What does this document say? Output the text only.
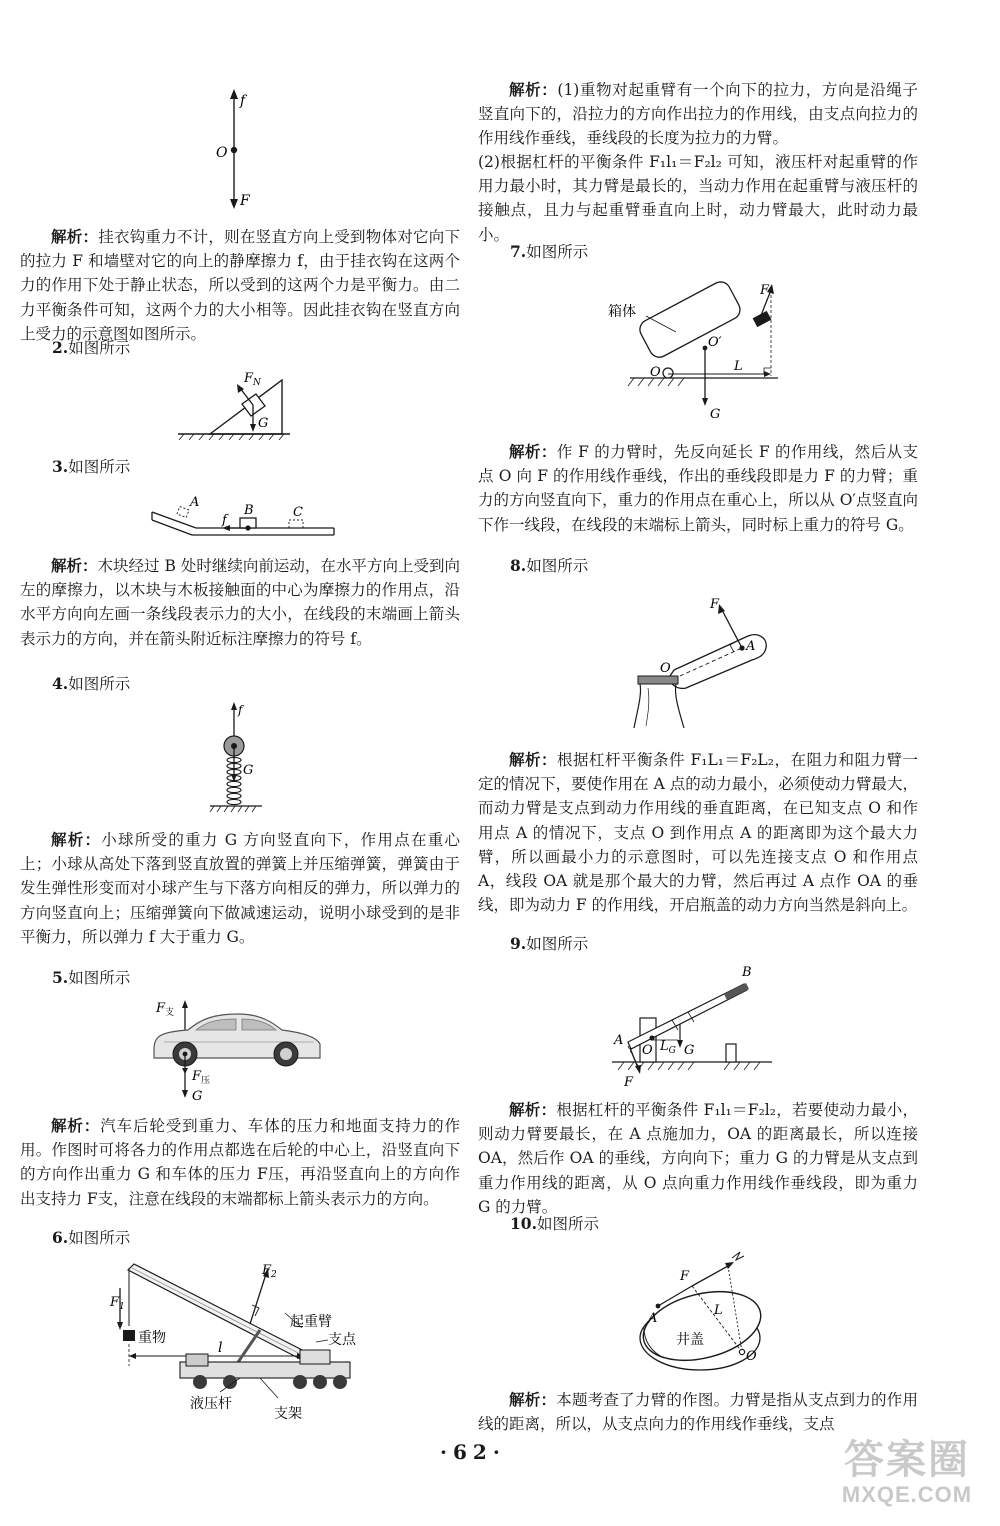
f
O
F

解析：挂衣钩重力不计，则在竖直方向上受到物体对它向下的拉力 F 和墙壁对它的向上的静摩擦力 f，由于挂衣钩在这两个力的作用下处于静止状态，所以受到的这两个力是平衡力。由二力平衡条件可知，这两个力的大小相等。因此挂衣钩在竖直方向上受力的示意图如图所示。

2.如图所示

$F_N$
G

3.如图所示

A
B	C
f

解析：木块经过 B 处时继续向前运动，在水平方向上受到向左的摩擦力，以木块与木板接触面的中心为摩擦力的作用点，沿水平方向向左画一条线段表示力的大小，在线段的末端画上箭头表示力的方向，并在箭头附近标注摩擦力的符号 f。

4.如图所示

f
G

解析：小球所受的重力 G 方向竖直向下，作用点在重心上；小球从高处下落到竖直放置的弹簧上并压缩弹簧，弹簧由于发生弹性形变而对小球产生与下落方向相反的弹力，所以弹力的方向竖直向上；压缩弹簧向下做减速运动，说明小球受到的是非平衡力，所以弹力 f 大于重力 G。

5.如图所示

$F_支$
$F_压$
G

解析：汽车后轮受到重力、车体的压力和地面支持力的作用。作图时可将各力的作用点都选在后轮的中心上，沿竖直向下的方向作出重力 G 和车体的压力 F压，再沿竖直向上的方向作出支持力 F支，注意在线段的末端都标上箭头表示力的方向。

6.如图所示

$F_1$
$F_2$
重物
l
起重臂
支点
液压杆
支架

解析：(1)重物对起重臂有一个向下的拉力，方向是沿绳子竖直向下的，沿拉力的方向作出拉力的作用线，由支点向拉力的作用线作垂线，垂线段的长度为拉力的力臂。

(2)根据杠杆的平衡条件 F₁l₁＝F₂l₂ 可知，液压杆对起重臂的作用力最小时，其力臂是最长的，当动力作用在起重臂与液压杆的接触点，且力与起重臂垂直向上时，动力臂最大，此时动力最小。

7.如图所示

箱体
F
O′
O	L
G

解析：作 F 的力臂时，先反向延长 F 的作用线，然后从支点 O 向 F 的作用线作垂线，作出的垂线段即是力 F 的力臂；重力的方向竖直向下，重力的作用点在重心上，所以从 O′点竖直向下作一线段，在线段的末端标上箭头，同时标上重力的符号 G。

8.如图所示

F
A
O

解析：根据杠杆平衡条件 F₁L₁＝F₂L₂，在阻力和阻力臂一定的情况下，要使作用在 A 点的动力最小，必须使动力臂最大，而动力臂是支点到动力作用线的垂直距离，在已知支点 O 和作用点 A 的情况下，支点 O 到作用点 A 的距离即为这个最大力臂，所以画最小力的示意图时，可以先连接支点 O 和作用点 A，线段 OA 就是那个最大的力臂，然后再过 A 点作 OA 的垂线，即为动力 F 的作用线，开启瓶盖的动力方向当然是斜向上。

9.如图所示

B
A
O $L_G$ G
F

解析：根据杠杆的平衡条件 F₁l₁＝F₂l₂，若要使动力最小，则动力臂要最长，在 A 点施加力，OA 的距离最长，所以连接 OA，然后作 OA 的垂线，方向向下；重力 G 的力臂是从支点到重力作用线的距离，从 O 点向重力作用线作垂线段，即为重力 G 的力臂。

10.如图所示

F
A
L
井盖
O

解析：本题考查了力臂的作图。力臂是指从支点到力的作用线的距离，所以，从支点向力的作用线作垂线，支点

·62·	答案圈
MXQE.COM
